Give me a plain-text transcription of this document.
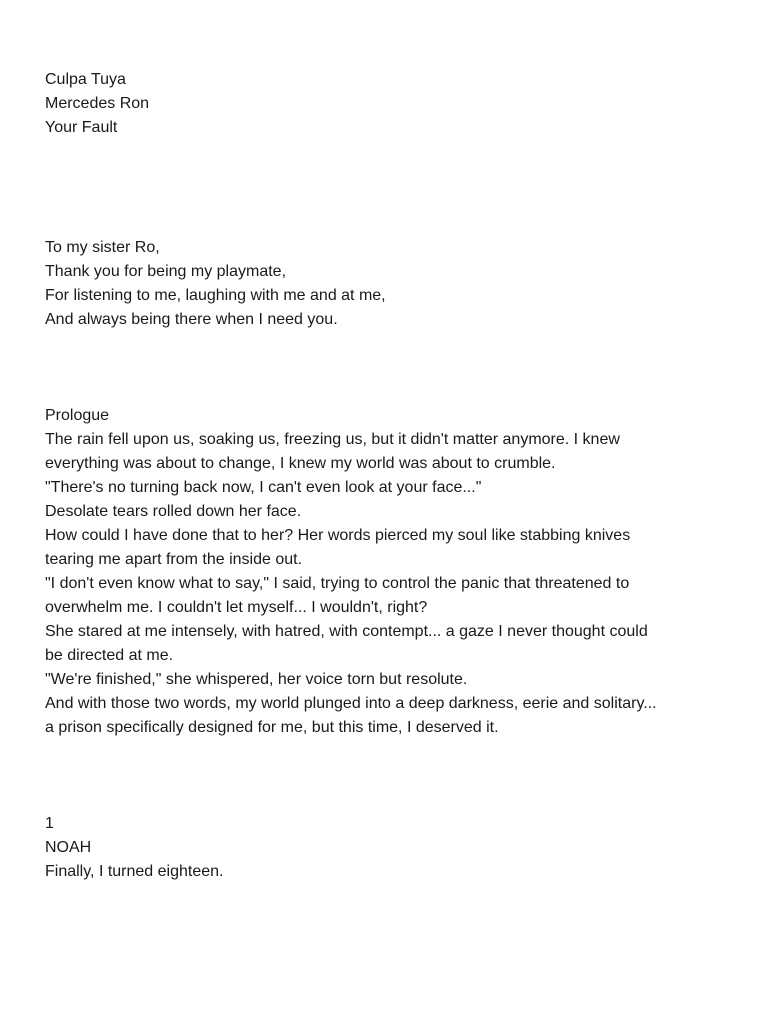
Culpa Tuya
Mercedes Ron
Your Fault
To my sister Ro,
Thank you for being my playmate,
For listening to me, laughing with me and at me,
And always being there when I need you.
Prologue
The rain fell upon us, soaking us, freezing us, but it didn't matter anymore. I knew
everything was about to change, I knew my world was about to crumble.
"There's no turning back now, I can't even look at your face..."
Desolate tears rolled down her face.
How could I have done that to her? Her words pierced my soul like stabbing knives
tearing me apart from the inside out.
"I don't even know what to say," I said, trying to control the panic that threatened to
overwhelm me. I couldn't let myself... I wouldn't, right?
She stared at me intensely, with hatred, with contempt... a gaze I never thought could
be directed at me.
"We're finished," she whispered, her voice torn but resolute.
And with those two words, my world plunged into a deep darkness, eerie and solitary...
a prison specifically designed for me, but this time, I deserved it.
1
NOAH
Finally, I turned eighteen.
